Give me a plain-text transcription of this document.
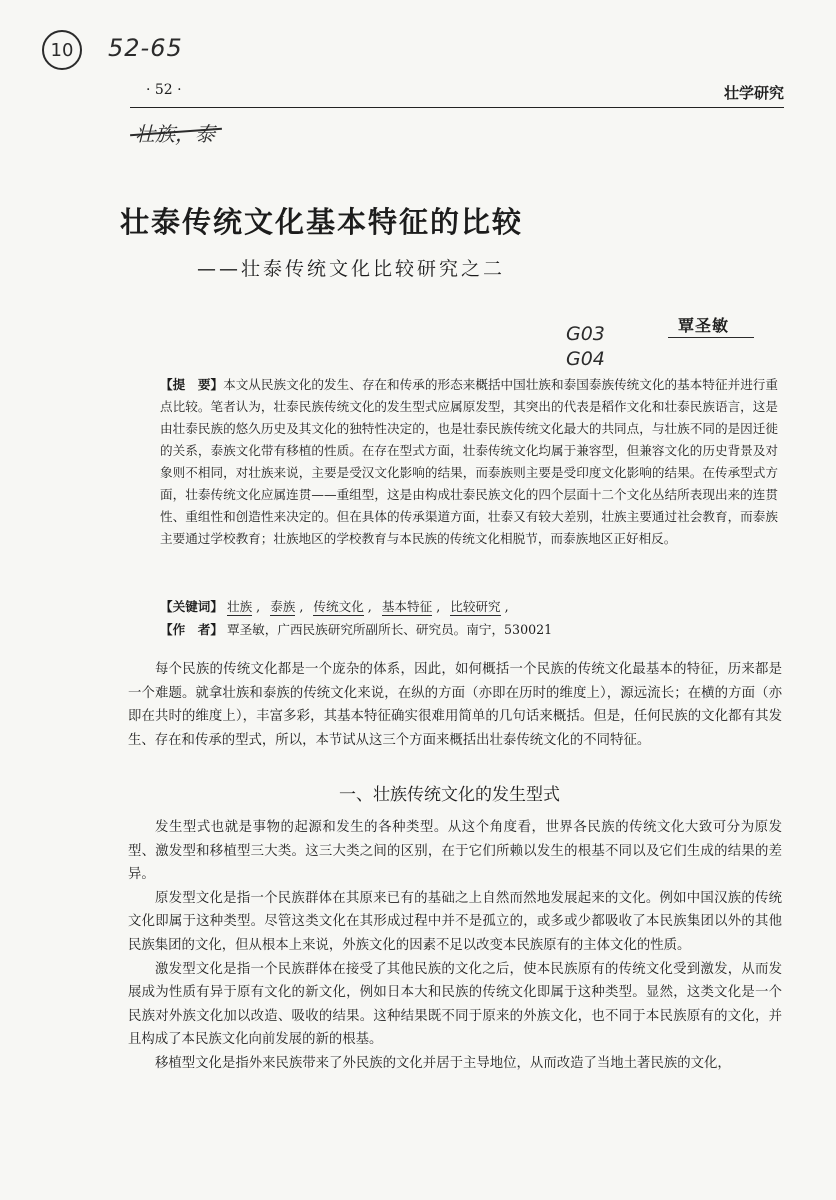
10	52-65
壮族，泰
G03
G04
· 52 ·	壮学研究
壮泰传统文化基本特征的比较
——壮泰传统文化比较研究之二
覃圣敏
【提　要】本文从民族文化的发生、存在和传承的形态来概括中国壮族和泰国泰族传统文化的基本特征并进行重点比较。笔者认为，壮泰民族传统文化的发生型式应属原发型，其突出的代表是稻作文化和壮泰民族语言，这是由壮泰民族的悠久历史及其文化的独特性决定的，也是壮泰民族传统文化最大的共同点，与壮族不同的是因迁徙的关系，泰族文化带有移植的性质。在存在型式方面，壮泰传统文化均属于兼容型，但兼容文化的历史背景及对象则不相同，对壮族来说，主要是受汉文化影响的结果，而泰族则主要是受印度文化影响的结果。在传承型式方面，壮泰传统文化应属连贯——重组型，这是由构成壮泰民族文化的四个层面十二个文化丛结所表现出来的连贯性、重组性和创造性来决定的。但在具体的传承渠道方面，壮泰又有较大差别，壮族主要通过社会教育，而泰族主要通过学校教育；壮族地区的学校教育与本民族的传统文化相脱节，而泰族地区正好相反。
【关键词】 壮族 , 泰族 , 传统文化 , 基本特征 , 比较研究 ,
【作　者】 覃圣敏，广西民族研究所副所长、研究员。南宁，530021
每个民族的传统文化都是一个庞杂的体系，因此，如何概括一个民族的传统文化最基本的特征，历来都是一个难题。就拿壮族和泰族的传统文化来说，在纵的方面（亦即在历时的维度上），源远流长；在横的方面（亦即在共时的维度上），丰富多彩，其基本特征确实很难用简单的几句话来概括。但是，任何民族的文化都有其发生、存在和传承的型式，所以，本节试从这三个方面来概括出壮泰传统文化的不同特征。
一、壮族传统文化的发生型式

发生型式也就是事物的起源和发生的各种类型。从这个角度看，世界各民族的传统文化大致可分为原发型、激发型和移植型三大类。这三大类之间的区别，在于它们所赖以发生的根基不同以及它们生成的结果的差异。

原发型文化是指一个民族群体在其原来已有的基础之上自然而然地发展起来的文化。例如中国汉族的传统文化即属于这种类型。尽管这类文化在其形成过程中并不是孤立的，或多或少都吸收了本民族集团以外的其他民族集团的文化，但从根本上来说，外族文化的因素不足以改变本民族原有的主体文化的性质。

激发型文化是指一个民族群体在接受了其他民族的文化之后，使本民族原有的传统文化受到激发，从而发展成为性质有异于原有文化的新文化，例如日本大和民族的传统文化即属于这种类型。显然，这类文化是一个民族对外族文化加以改造、吸收的结果。这种结果既不同于原来的外族文化，也不同于本民族原有的文化，并且构成了本民族文化向前发展的新的根基。

移植型文化是指外来民族带来了外民族的文化并居于主导地位，从而改造了当地土著民族的文化，
